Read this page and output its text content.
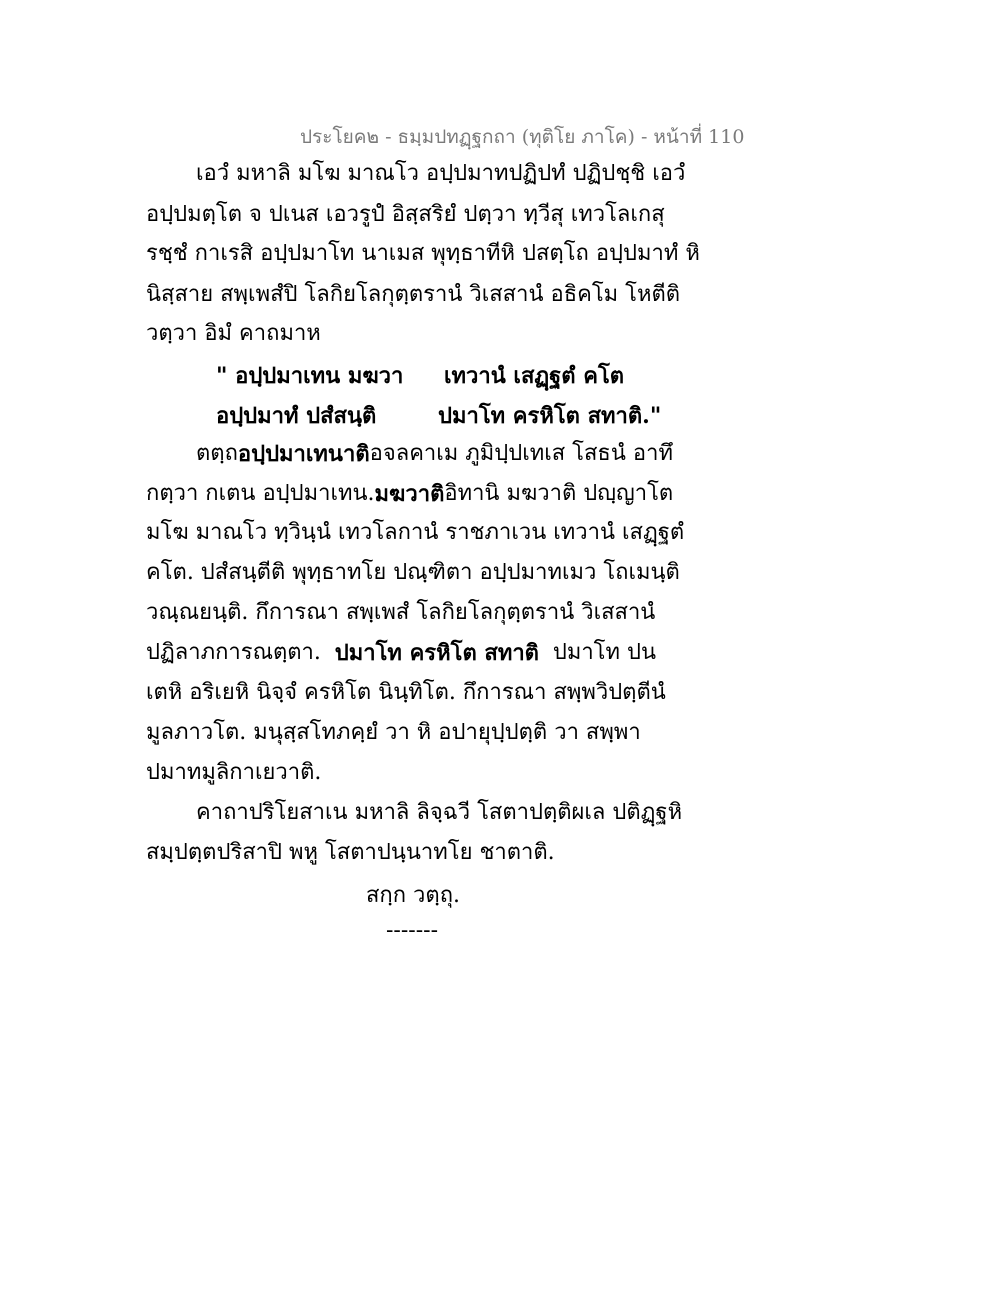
ประโยค๒ - ธมฺมปทฏฺฐกถา (ทุติโย ภาโค) - หน้าที่ 110
เอวํ มหาลิ มโฆ มาณโว อปฺปมาทปฏิปทํ ปฏิปชฺชิ เอวํ
อปฺปมตฺโต จ ปเนส เอวรูปํ อิสฺสริยํ ปตฺวา ทฺวีสุ เทวโลเกสุ
รชฺชํ กาเรสิ อปฺปมาโท นาเมส พุทฺธาทีหิ ปสตฺโถ อปฺปมาทํ หิ
นิสฺสาย สพฺเพสํปิ โลกิยโลกุตฺตรานํ วิเสสานํ อธิคโม โหตีติ
วตฺวา อิมํ คาถมาห
" อปฺปมาเทน มฆวา เทวานํ เสฏฺฐตํ คโต
อปฺปมาทํ ปสํสนฺติ	ปมาโท ครหิโต สทาติ."
ตตฺถ อปฺปมาเทนาติ อจลคาเม ภูมิปฺปเทเส โสธนํ อาทึ
กตฺวา กเตน อปฺปมาเทน. มฆวาติ อิทานิ มฆวาติ ปญฺญาโต
มโฆ มาณโว ทฺวินฺนํ เทวโลกานํ ราชภาเวน เทวานํ เสฏฺฐตํ
คโต. ปสํสนฺตีติ พุทฺธาทโย ปณฺฑิตา อปฺปมาทเมว โถเมนฺติ
วณฺณยนฺติ. กึการณา สพฺเพสํ โลกิยโลกุตฺตรานํ วิเสสานํ
ปฏิลาภการณตฺตา. ปมาโท ครหิโต สทาติ ปมาโท ปน
เตหิ อริเยหิ นิจฺจํ ครหิโต นินฺทิโต. กึการณา สพฺพวิปตฺตีนํ
มูลภาวโต. มนุสฺสโทภคฺยํ วา หิ อปายุปฺปตฺติ วา สพฺพา
ปมาทมูลิกาเยวาติ.
คาถาปริโยสาเน มหาลิ ลิจฺฉวี โสตาปตฺติผเล ปติฏฺฐหิ
สมฺปตฺตปริสาปิ พหู โสตาปนฺนาทโย ชาตาติ.
สกฺก วตฺถุ.
-------
